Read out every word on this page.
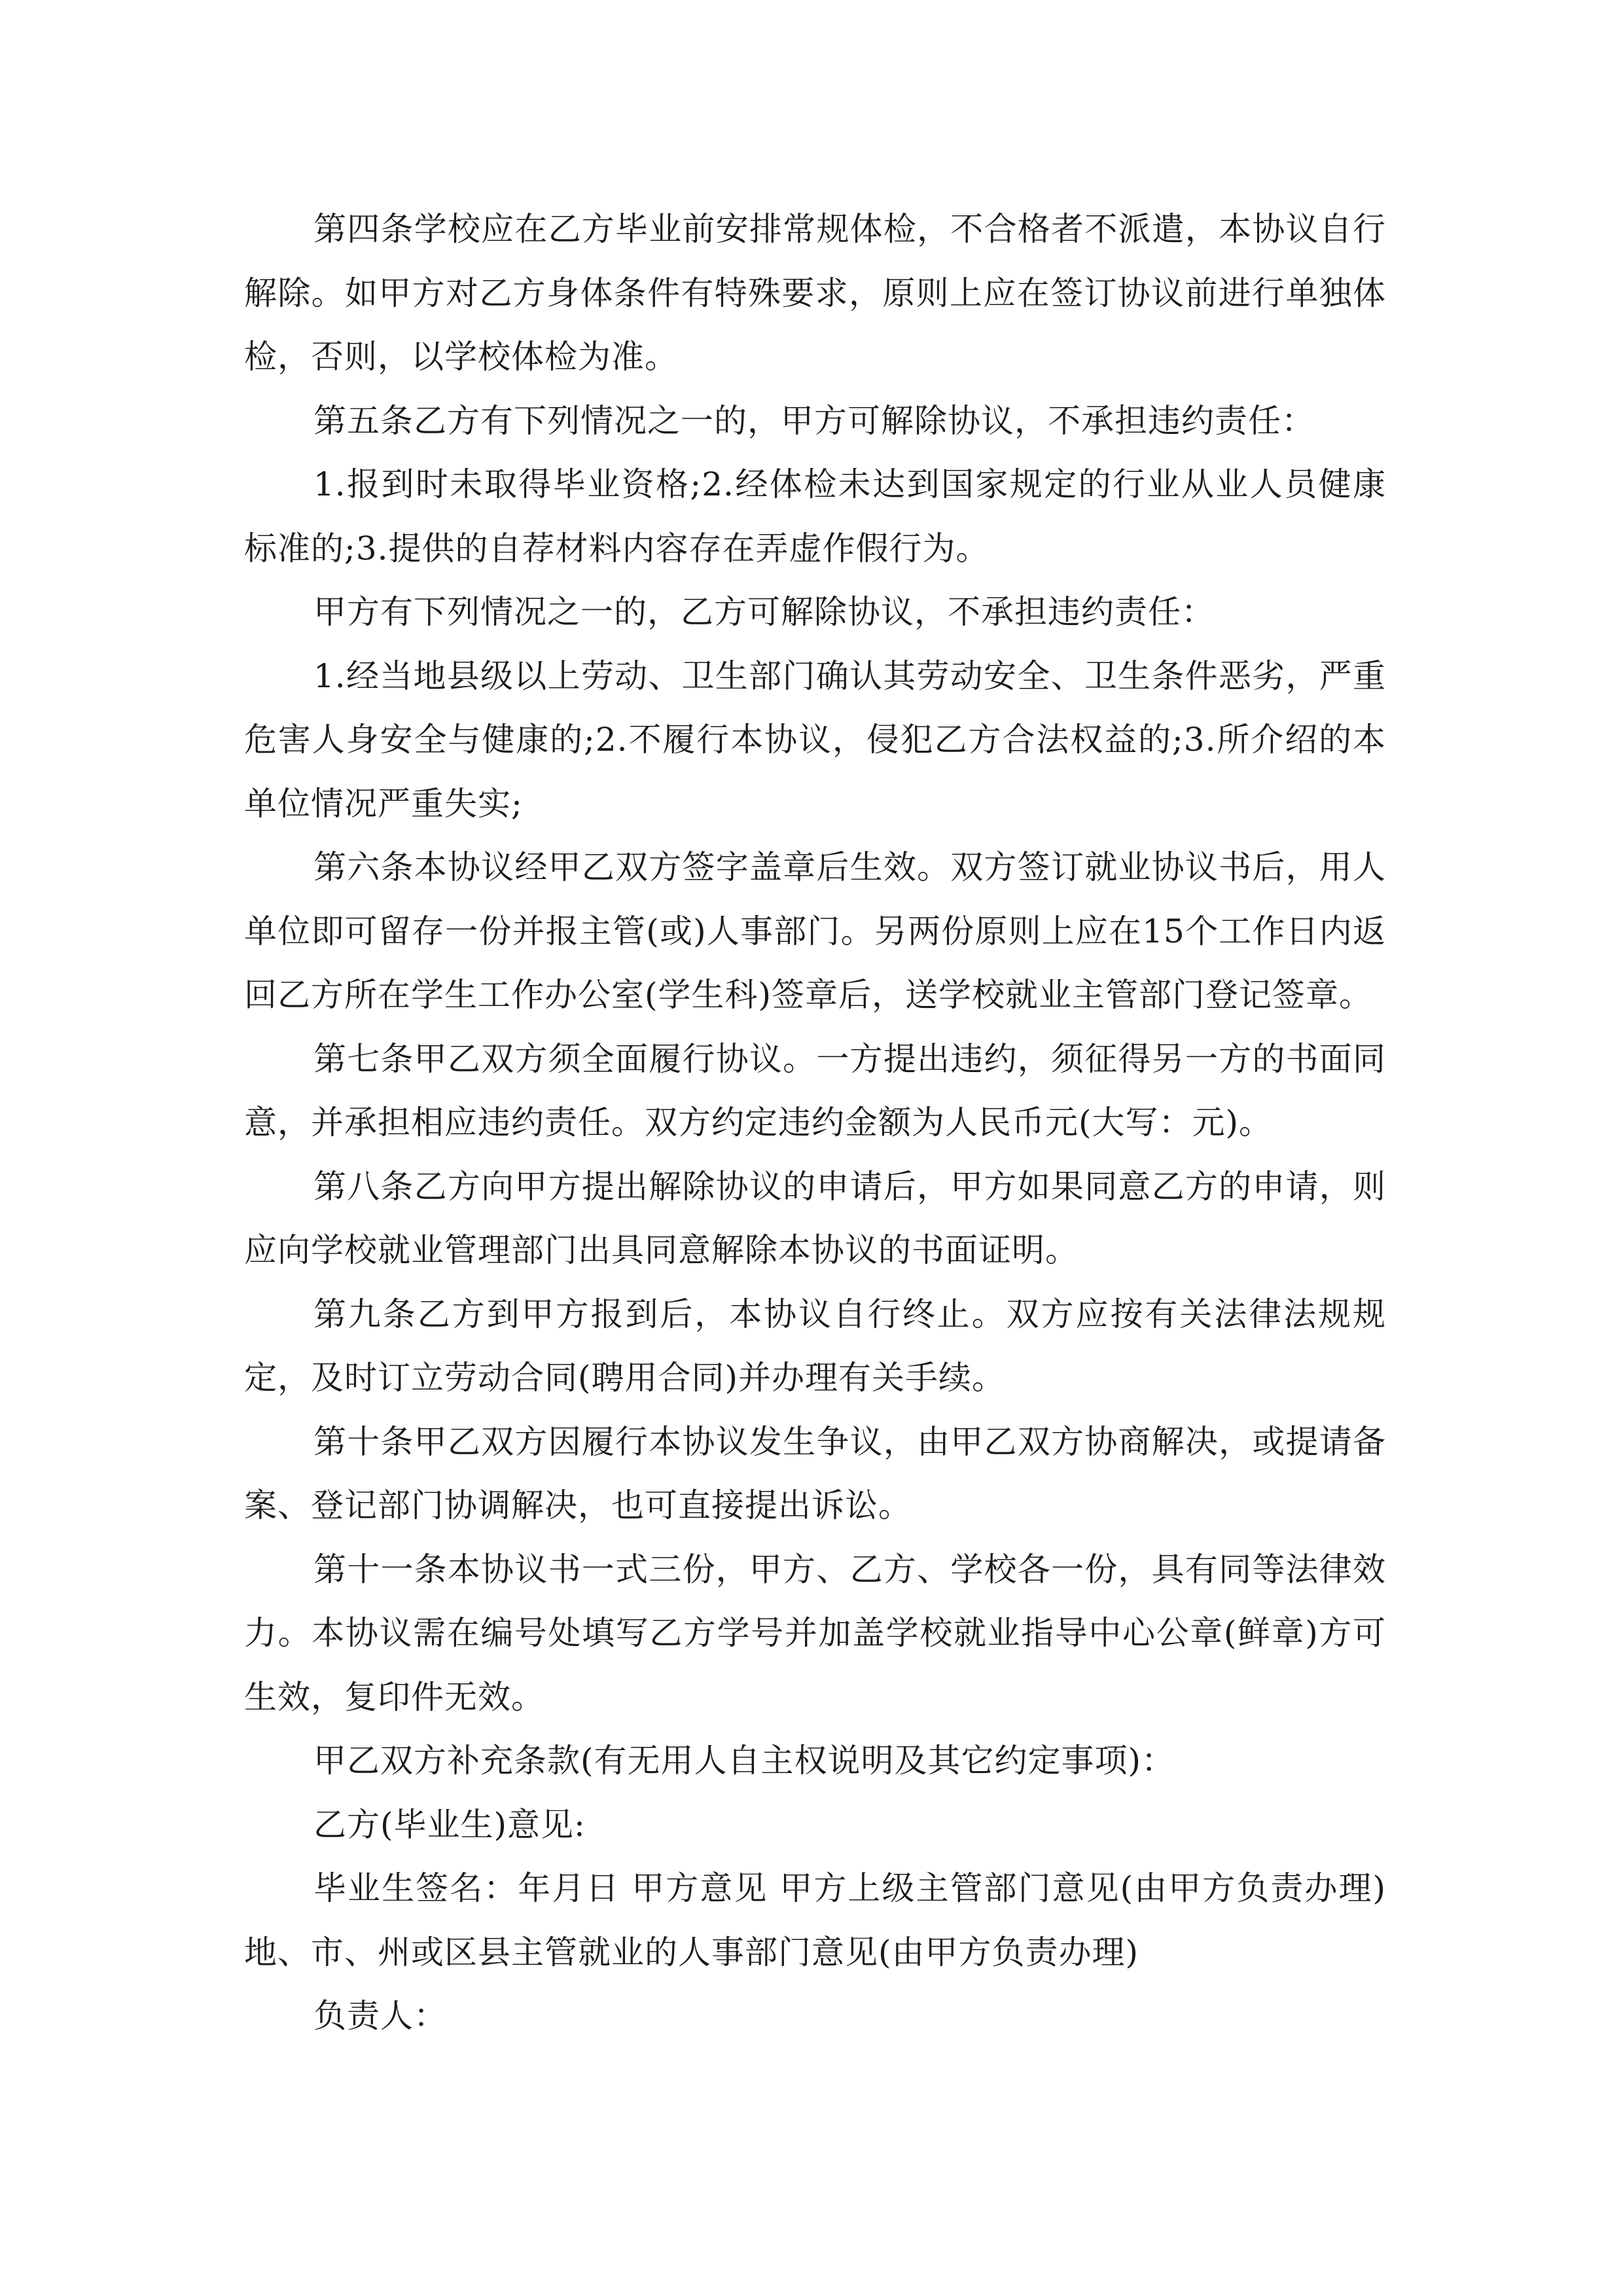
第四条学校应在乙方毕业前安排常规体检，不合格者不派遣，本协议自行解除。如甲方对乙方身体条件有特殊要求，原则上应在签订协议前进行单独体检，否则，以学校体检为准。

第五条乙方有下列情况之一的，甲方可解除协议，不承担违约责任：

1.报到时未取得毕业资格;2.经体检未达到国家规定的行业从业人员健康标准的;3.提供的自荐材料内容存在弄虚作假行为。

甲方有下列情况之一的，乙方可解除协议，不承担违约责任：

1.经当地县级以上劳动、卫生部门确认其劳动安全、卫生条件恶劣，严重危害人身安全与健康的;2.不履行本协议，侵犯乙方合法权益的;3.所介绍的本单位情况严重失实;

第六条本协议经甲乙双方签字盖章后生效。双方签订就业协议书后，用人单位即可留存一份并报主管(或)人事部门。另两份原则上应在15个工作日内返回乙方所在学生工作办公室(学生科)签章后，送学校就业主管部门登记签章。

第七条甲乙双方须全面履行协议。一方提出违约，须征得另一方的书面同意，并承担相应违约责任。双方约定违约金额为人民币元(大写：元)。

第八条乙方向甲方提出解除协议的申请后，甲方如果同意乙方的申请，则应向学校就业管理部门出具同意解除本协议的书面证明。

第九条乙方到甲方报到后，本协议自行终止。双方应按有关法律法规规定，及时订立劳动合同(聘用合同)并办理有关手续。

第十条甲乙双方因履行本协议发生争议，由甲乙双方协商解决，或提请备案、登记部门协调解决，也可直接提出诉讼。

第十一条本协议书一式三份，甲方、乙方、学校各一份，具有同等法律效力。本协议需在编号处填写乙方学号并加盖学校就业指导中心公章(鲜章)方可生效，复印件无效。

甲乙双方补充条款(有无用人自主权说明及其它约定事项)：

乙方(毕业生)意见:

毕业生签名：年月日 甲方意见 甲方上级主管部门意见(由甲方负责办理)地、市、州或区县主管就业的人事部门意见(由甲方负责办理)

负责人：
